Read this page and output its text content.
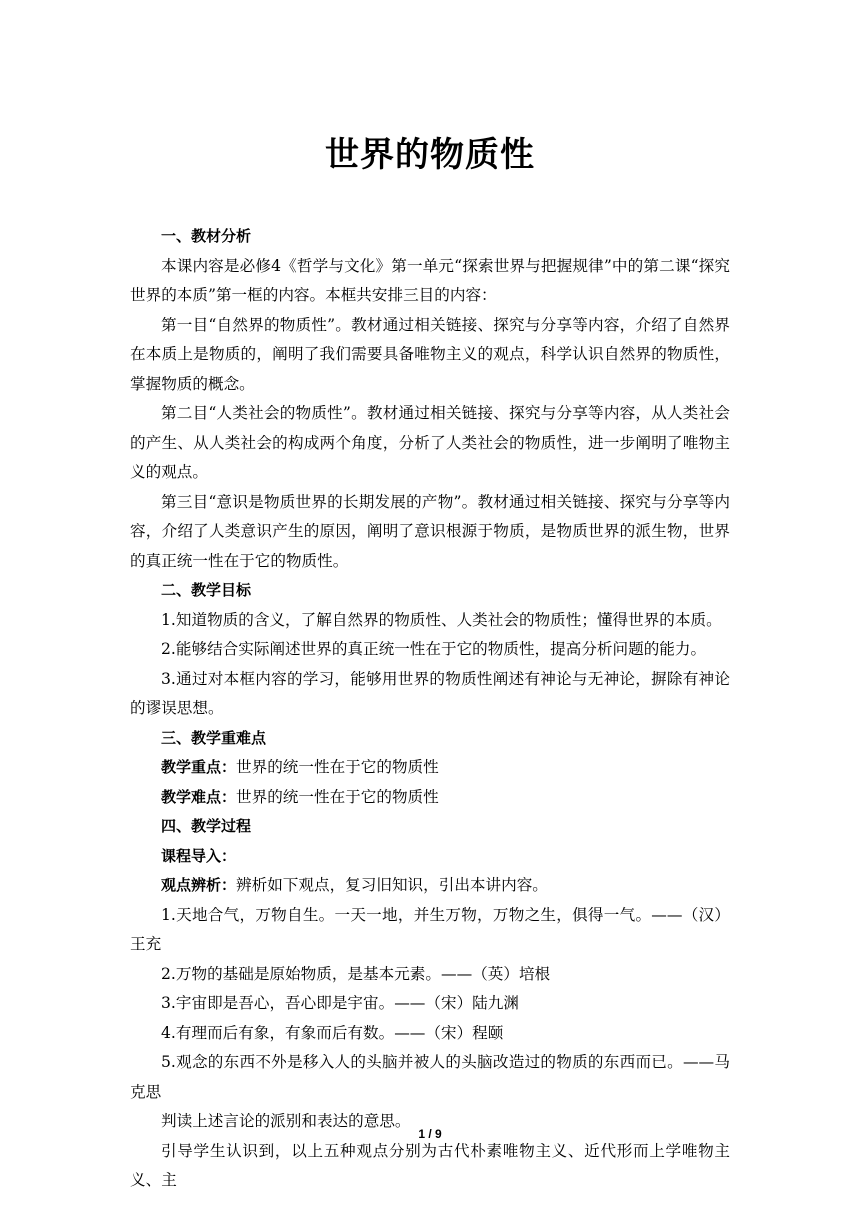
世界的物质性

一、教材分析

本课内容是必修4《哲学与文化》第一单元“探索世界与把握规律”中的第二课“探究世界的本质”第一框的内容。本框共安排三目的内容：

第一目“自然界的物质性”。教材通过相关链接、探究与分享等内容，介绍了自然界在本质上是物质的，阐明了我们需要具备唯物主义的观点，科学认识自然界的物质性，掌握物质的概念。

第二目“人类社会的物质性”。教材通过相关链接、探究与分享等内容，从人类社会的产生、从人类社会的构成两个角度，分析了人类社会的物质性，进一步阐明了唯物主义的观点。

第三目“意识是物质世界的长期发展的产物”。教材通过相关链接、探究与分享等内容，介绍了人类意识产生的原因，阐明了意识根源于物质，是物质世界的派生物，世界的真正统一性在于它的物质性。

二、教学目标

1.知道物质的含义，了解自然界的物质性、人类社会的物质性；懂得世界的本质。

2.能够结合实际阐述世界的真正统一性在于它的物质性，提高分析问题的能力。

3.通过对本框内容的学习，能够用世界的物质性阐述有神论与无神论，摒除有神论的谬误思想。

三、教学重难点

教学重点：世界的统一性在于它的物质性

教学难点：世界的统一性在于它的物质性

四、教学过程

课程导入：

观点辨析：辨析如下观点，复习旧知识，引出本讲内容。

1.天地合气，万物自生。一天一地，并生万物，万物之生，俱得一气。——（汉）王充

2.万物的基础是原始物质，是基本元素。——（英）培根

3.宇宙即是吾心，吾心即是宇宙。——（宋）陆九渊

4.有理而后有象，有象而后有数。——（宋）程颐

5.观念的东西不外是移入人的头脑并被人的头脑改造过的物质的东西而已。——马克思

判读上述言论的派别和表达的意思。

引导学生认识到，以上五种观点分别为古代朴素唯物主义、近代形而上学唯物主义、主

1 / 9
